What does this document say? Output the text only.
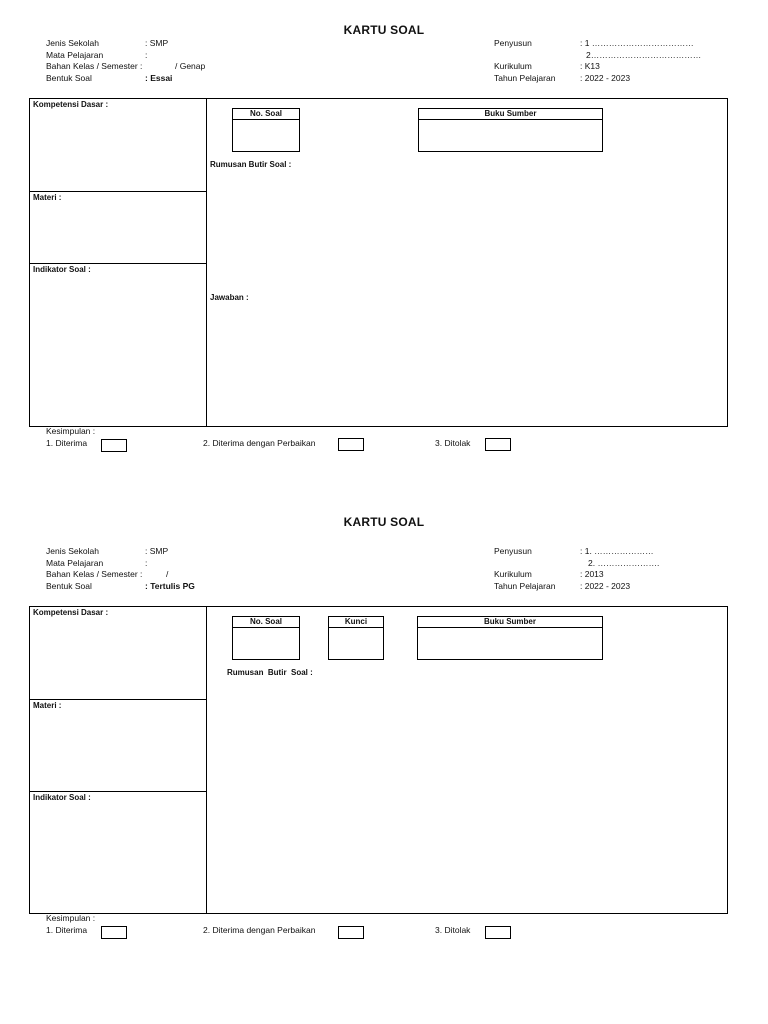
KARTU SOAL
Jenis Sekolah	: SMP
Mata Pelajaran	:
Bahan Kelas / Semester :	/ Genap
Bentuk Soal	: Essai
Penyusun	: 1 ………………………………
2…………………………………
Kurikulum	: K13
Tahun Pelajaran	: 2022 - 2023
Kompetensi Dasar :
Materi :
Indikator Soal :
No. Soal	Buku Sumber
Rumusan Butir Soal :
Jawaban :
Kesimpulan :
1. Diterima	2. Diterima dengan Perbaikan	3. Ditolak
KARTU SOAL
Jenis Sekolah	: SMP
Mata Pelajaran	:
Bahan Kelas / Semester :	/
Bentuk Soal	: Tertulis PG
Penyusun	: 1. …………………
2. ………………….
Kurikulum	: 2013
Tahun Pelajaran	: 2022 - 2023
Kompetensi Dasar :
Materi :
Indikator Soal :
No. Soal	Kunci	Buku Sumber
Rumusan  Butir  Soal :
Kesimpulan :
1. Diterima	2. Diterima dengan Perbaikan	3. Ditolak
